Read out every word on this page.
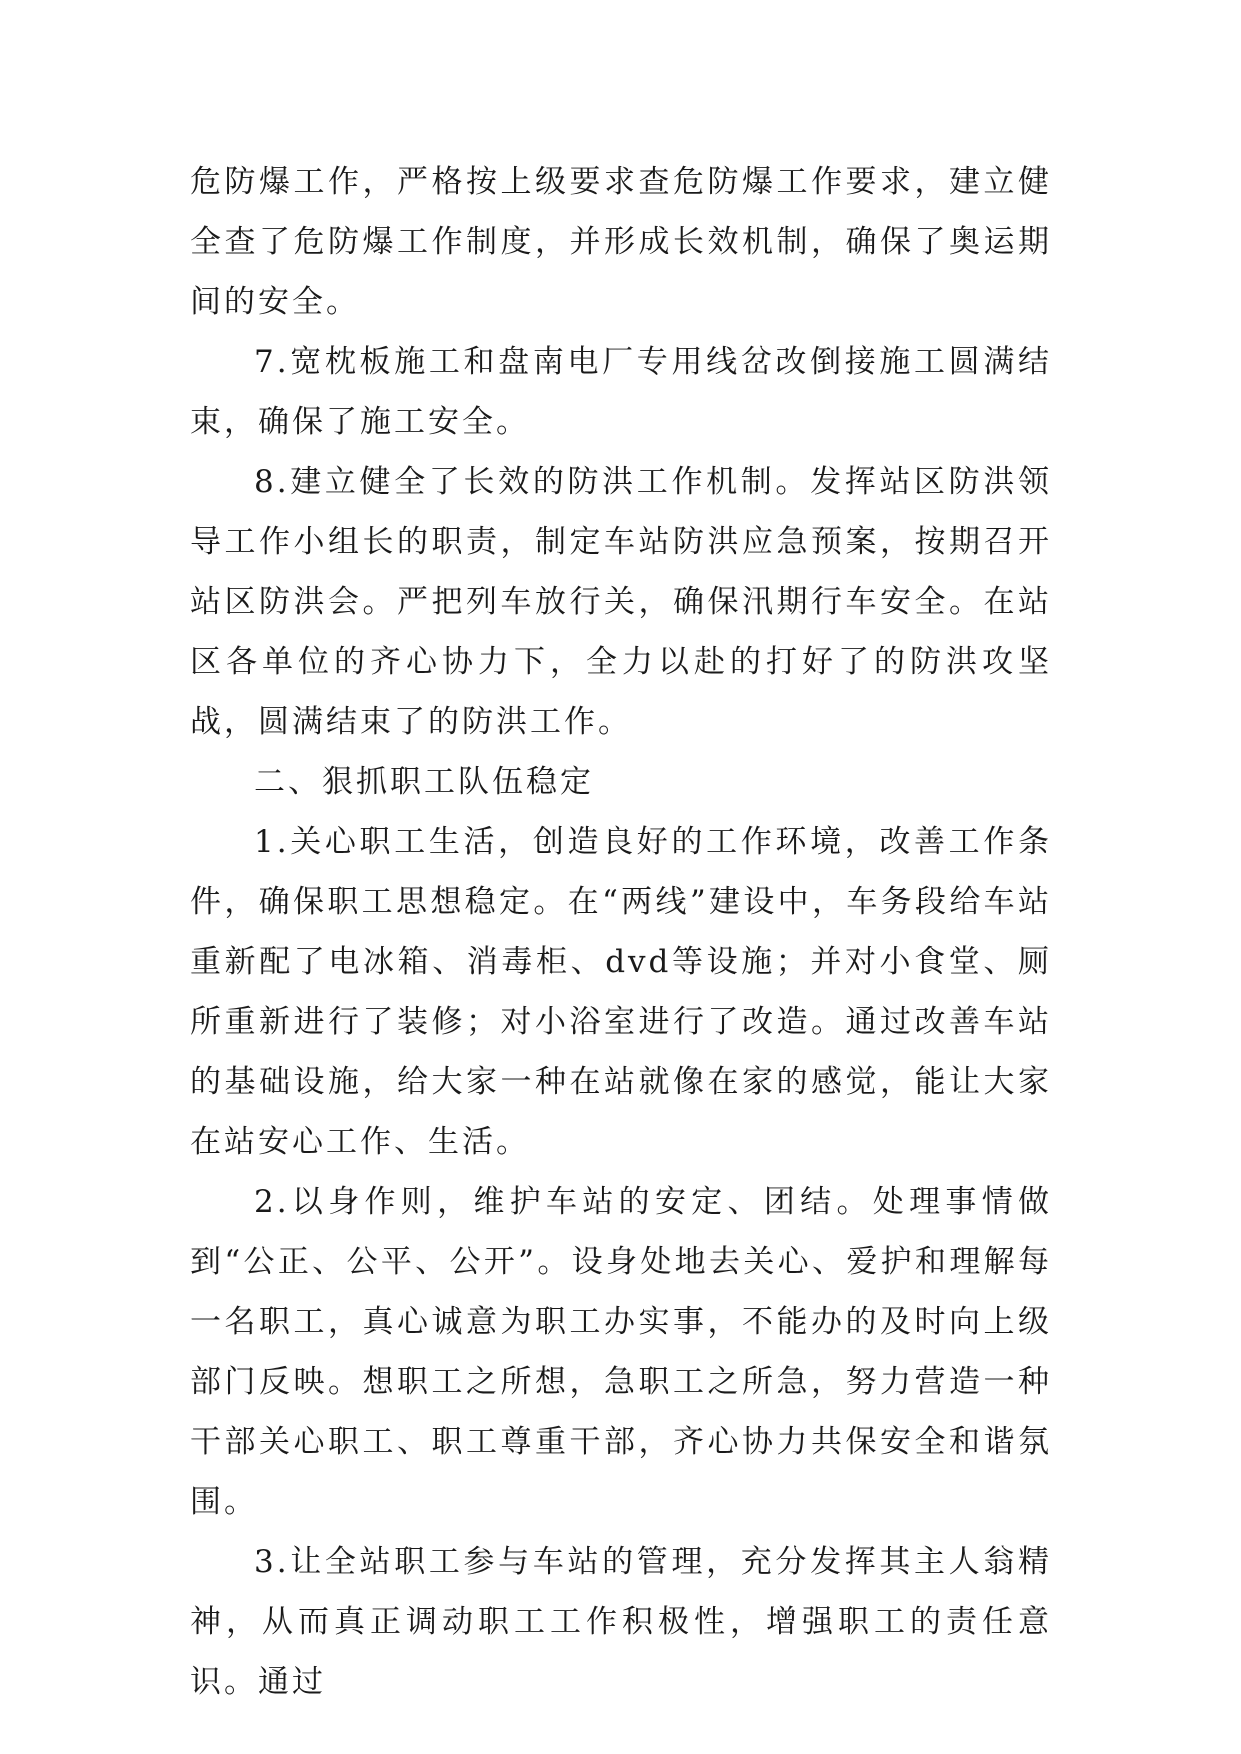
危防爆工作，严格按上级要求查危防爆工作要求，建立健全查了危防爆工作制度，并形成长效机制，确保了奥运期间的安全。

7.宽枕板施工和盘南电厂专用线岔改倒接施工圆满结束，确保了施工安全。

8.建立健全了长效的防洪工作机制。发挥站区防洪领导工作小组长的职责，制定车站防洪应急预案，按期召开站区防洪会。严把列车放行关，确保汛期行车安全。在站区各单位的齐心协力下，全力以赴的打好了的防洪攻坚战，圆满结束了的防洪工作。

二、狠抓职工队伍稳定

1.关心职工生活，创造良好的工作环境，改善工作条件，确保职工思想稳定。在“两线”建设中，车务段给车站重新配了电冰箱、消毒柜、dvd等设施；并对小食堂、厕所重新进行了装修；对小浴室进行了改造。通过改善车站的基础设施，给大家一种在站就像在家的感觉，能让大家在站安心工作、生活。

2.以身作则，维护车站的安定、团结。处理事情做到“公正、公平、公开”。设身处地去关心、爱护和理解每一名职工，真心诚意为职工办实事，不能办的及时向上级部门反映。想职工之所想，急职工之所急，努力营造一种干部关心职工、职工尊重干部，齐心协力共保安全和谐氛围。

3.让全站职工参与车站的管理，充分发挥其主人翁精神，从而真正调动职工工作积极性，增强职工的责任意识。通过
